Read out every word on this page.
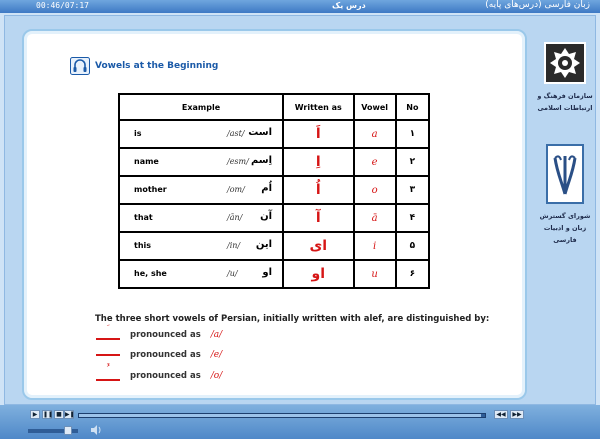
00:46/07:17	درس یک	زبان فارسی (درس‌های پایه)
Vowels at the Beginning
Example	Written as	Vowel	No

is /ast/ است	اَ	a	۱

name /esm/ اِسم	اِ	e	۲

mother /om/ اُم	اُ	o	۳

that /ān/ آن	آ	ā	۴

this /in/ این	ای	i	۵

he, she /u/ او	او	u	۶
The three short vowels of Persian, initially written with alef, are distinguished by:
pronounced as /a/
pronounced as /e/
pronounced as /o/
سازمان فرهنگ و ارتباطات اسلامی
شورای گسترش زبان و ادبیات فارسی
▶ ❚❚ ■ ▶❚	◀◀	▶▶
